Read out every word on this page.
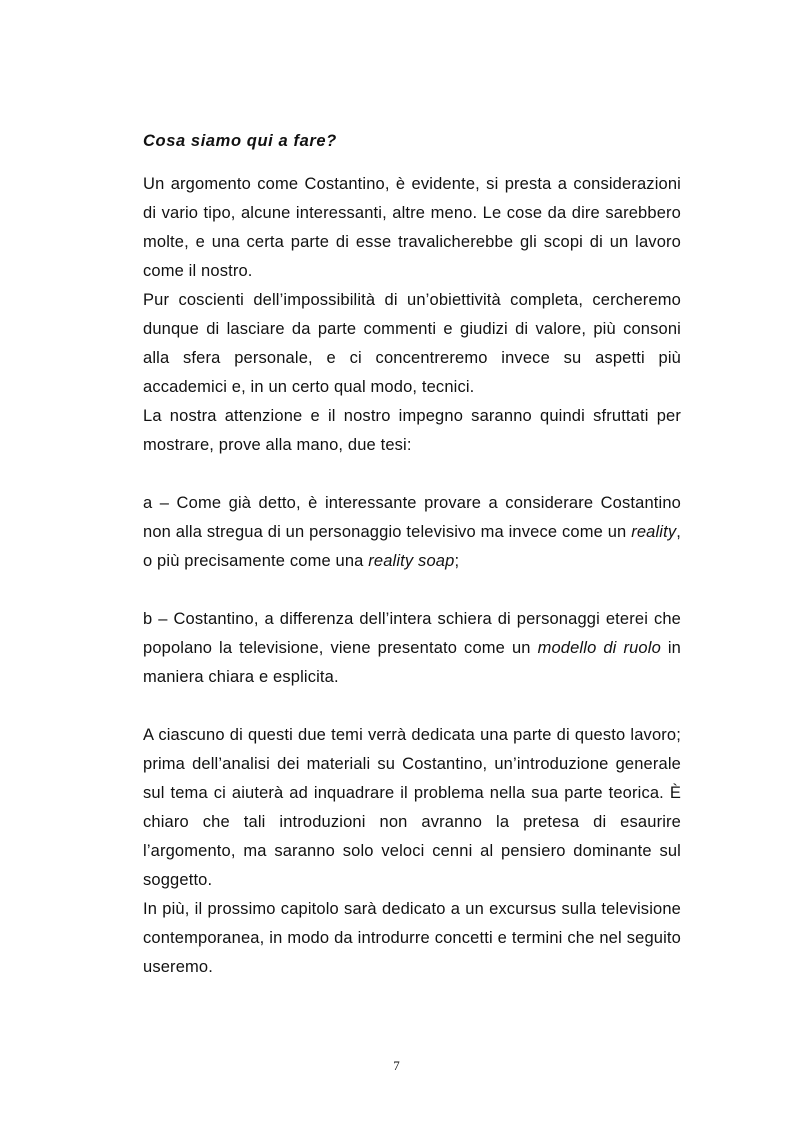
Cosa siamo qui a fare?

Un argomento come Costantino, è evidente, si presta a considerazioni di vario tipo, alcune interessanti, altre meno. Le cose da dire sarebbero molte, e una certa parte di esse travalicherebbe gli scopi di un lavoro come il nostro.

Pur coscienti dell’impossibilità di un’obiettività completa, cercheremo dunque di lasciare da parte commenti e giudizi di valore, più consoni alla sfera personale, e ci concentreremo invece su aspetti più accademici e, in un certo qual modo, tecnici.

La nostra attenzione e il nostro impegno saranno quindi sfruttati per mostrare, prove alla mano, due tesi:

a – Come già detto, è interessante provare a considerare Costantino non alla stregua di un personaggio televisivo ma invece come un reality, o più precisamente come una reality soap;

b – Costantino, a differenza dell’intera schiera di personaggi eterei che popolano la televisione, viene presentato come un modello di ruolo in maniera chiara e esplicita.

A ciascuno di questi due temi verrà dedicata una parte di questo lavoro; prima dell’analisi dei materiali su Costantino, un’introduzione generale sul tema ci aiuterà ad inquadrare il problema nella sua parte teorica. È chiaro che tali introduzioni non avranno la pretesa di esaurire l’argomento, ma saranno solo veloci cenni al pensiero dominante sul soggetto.

In più, il prossimo capitolo sarà dedicato a un excursus sulla televisione contemporanea, in modo da introdurre concetti e termini che nel seguito useremo.

7
